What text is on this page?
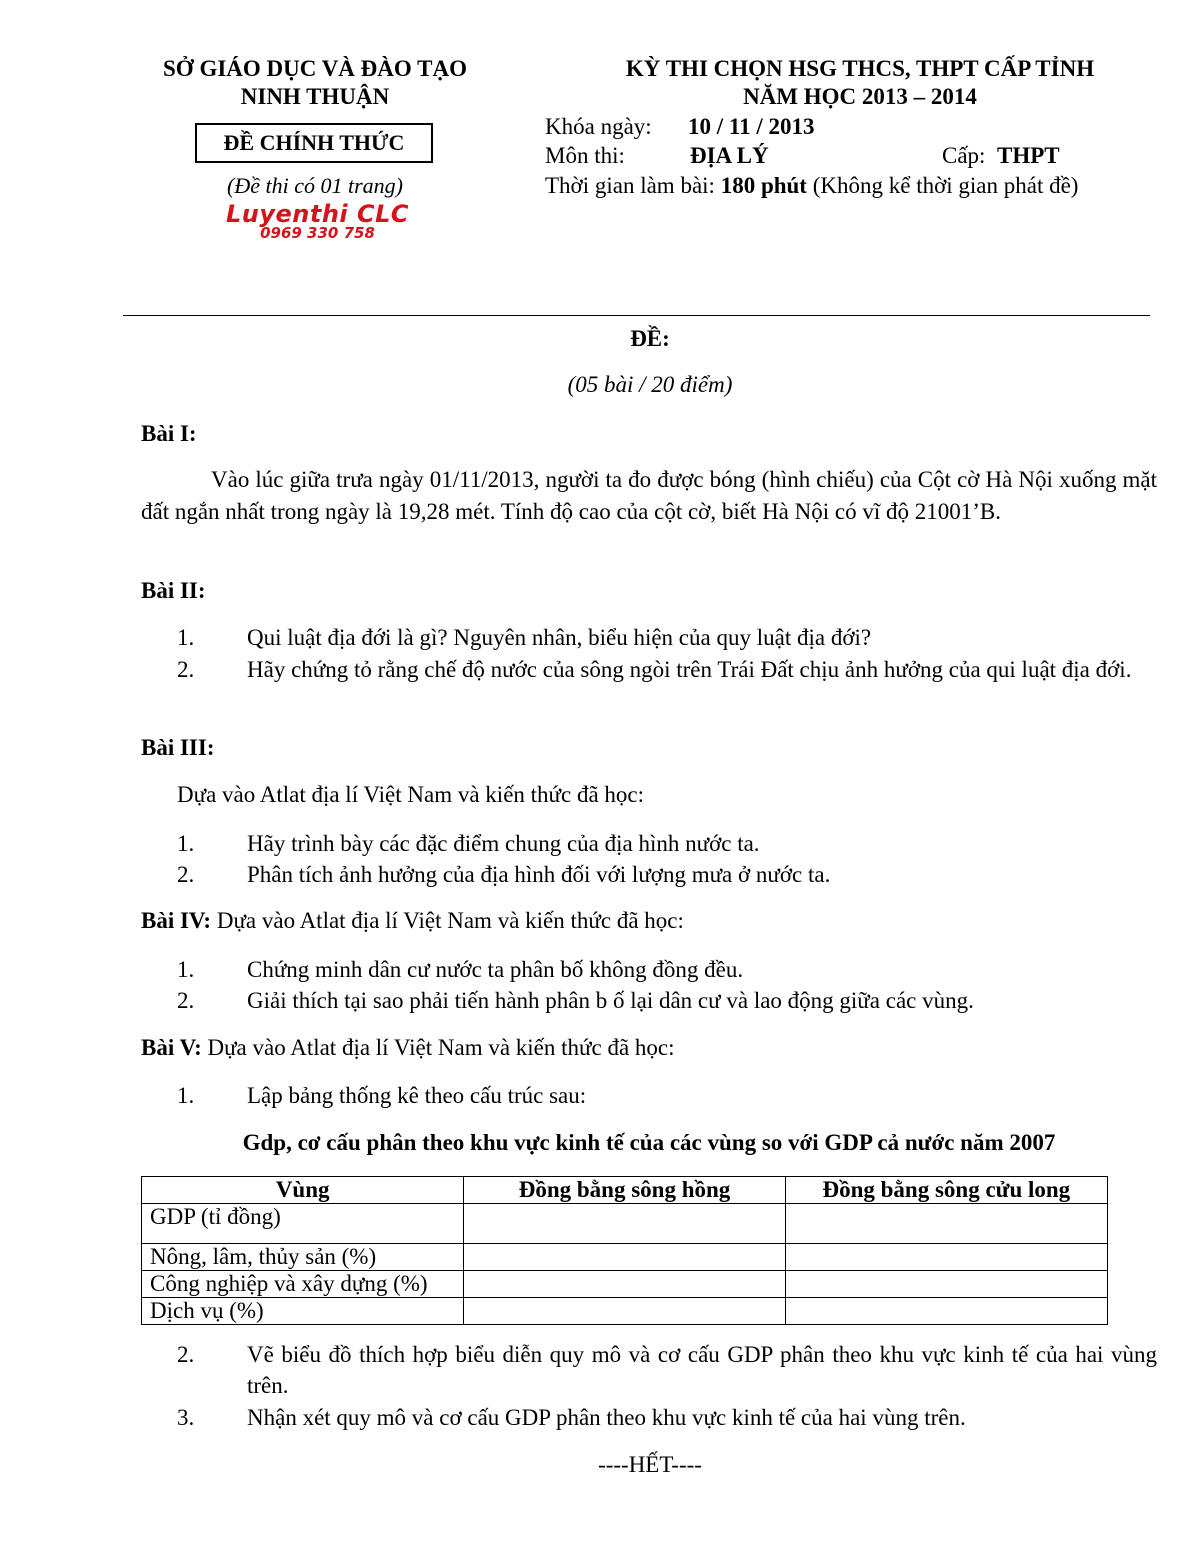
SỞ GIÁO DỤC VÀ ĐÀO TẠO
NINH THUẬN
ĐỀ CHÍNH THỨC
(Đề thi có 01 trang)
Luyenthi CLC
0969 330 758
KỲ THI CHỌN HSG THCS, THPT CẤP TỈNH
NĂM HỌC 2013 – 2014
Khóa ngày: 10 / 11 / 2013
Môn thi:	ĐỊA LÝ	Cấp: THPT
Thời gian làm bài: 180 phút (Không kể thời gian phát đề)
ĐỀ:
(05 bài / 20 điểm)
Bài I:
Vào lúc giữa trưa ngày 01/11/2013, người ta đo được bóng (hình chiếu) của Cột cờ Hà Nội xuống mặt đất ngắn nhất trong ngày là 19,28 mét. Tính độ cao của cột cờ, biết Hà Nội có vĩ độ 21001’B.
Bài II:
1. Qui luật địa đới là gì? Nguyên nhân, biểu hiện của quy luật địa đới?
2. Hãy chứng tỏ rằng chế độ nước của sông ngòi trên Trái Đất chịu ảnh hưởng của qui luật địa đới.
Bài III:
Dựa vào Atlat địa lí Việt Nam và kiến thức đã học:
1. Hãy trình bày các đặc điểm chung của địa hình nước ta.
2. Phân tích ảnh hưởng của địa hình đối với lượng mưa ở nước ta.
Bài IV: Dựa vào Atlat địa lí Việt Nam và kiến thức đã học:
1. Chứng minh dân cư nước ta phân bố không đồng đều.
2. Giải thích tại sao phải tiến hành phân b ố lại dân cư và lao động giữa các vùng.
Bài V: Dựa vào Atlat địa lí Việt Nam và kiến thức đã học:
1. Lập bảng thống kê theo cấu trúc sau:
Gdp, cơ cấu phân theo khu vực kinh tế của các vùng so với GDP cả nước năm 2007
Vùng	Đồng bằng sông hồng	Đồng bằng sông cửu long
GDP (tỉ đồng)		
Nông, lâm, thủy sản (%)		
Công nghiệp và xây dựng (%)		
Dịch vụ (%)		
2. Vẽ biểu đồ thích hợp biểu diễn quy mô và cơ cấu GDP phân theo khu vực kinh tế của hai vùng trên.
3. Nhận xét quy mô và cơ cấu GDP phân theo khu vực kinh tế của hai vùng trên.
----HẾT----
